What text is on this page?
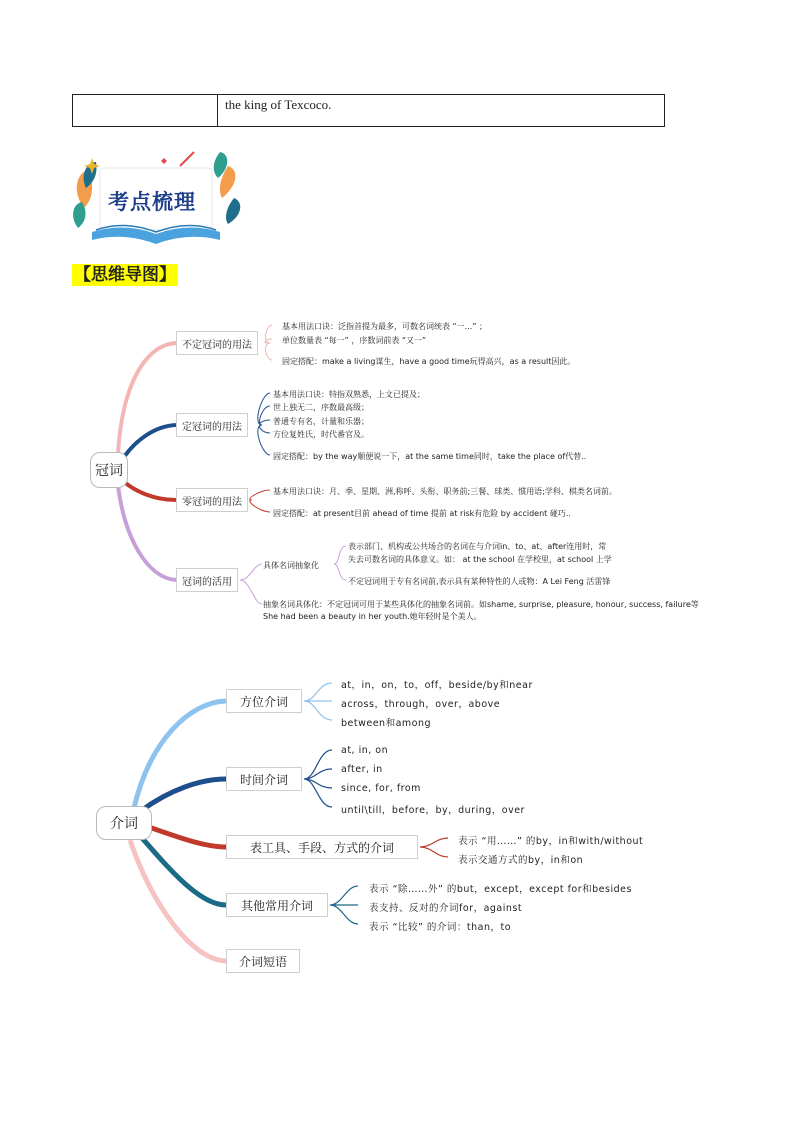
the king of Texcoco.
考点梳理
【思维导图】
冠词
不定冠词的用法
基本用法口诀：泛指首提为最多，可数名词统表 “一...” ；
单位数量表 “每一” ，序数词前表 “又一”
固定搭配：make a living谋生，have a good time玩得高兴，as a result因此。
定冠词的用法
基本用法口诀：特指双熟悉，上文已提及；
世上独无二，序数最高级；
普通专有名，计量和乐器；
方位复姓氏，时代番官及。
固定搭配：by the way顺便说一下，at the same time同时，take the place of代替..
零冠词的用法
基本用法口诀：月、季、星期、洲,称呼、头衔、职务前;三餐、球类、惯用语;学科、棋类名词前。
固定搭配：at present目前 ahead of time 提前 at risk有危险 by accident 碰巧..
冠词的活用
具体名词抽象化
表示部门、机构或公共场合的名词在与介词in、to、at、after连用时，常
失去可数名词的具体意义。如： at the school 在学校里，at school 上学
不定冠词用于专有名词前,表示具有某种特性的人或物：A Lei Feng 活雷锋
抽象名词具体化：不定冠词可用于某些具体化的抽象名词前。如shame, surprise, pleasure, honour, success, failure等
She had been a beauty in her youth.她年轻时是个美人。
介词
方位介词
at，in，on，to，off，beside/by和near
across，through，over，above
between和among
时间介词
at, in, on
after, in
since, for, from
until\till，before，by，during，over
表工具、手段、方式的介词	表示 “用……” 的by，in和with/without
表示交通方式的by，in和on
其他常用介词
表示 “除……外” 的but，except，except for和besides
表支持、反对的介词for，against
表示 “比较” 的介词：than，to
介词短语
